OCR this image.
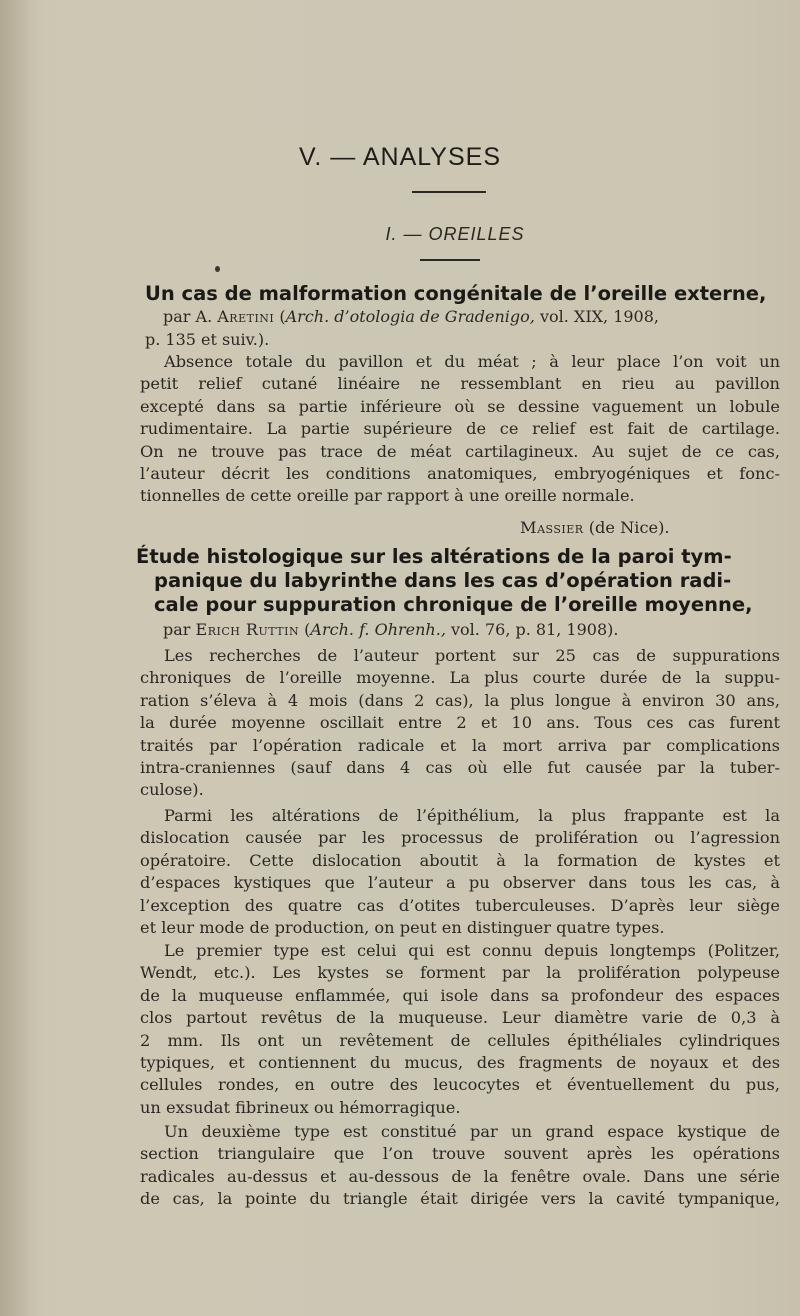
V. — ANALYSES
I. — OREILLES
Un cas de malformation congénitale de l’oreille externe,
par A. Aretini (Arch. d’otologia de Gradenigo, vol. XIX, 1908,
p. 135 et suiv.).
Absence totale du pavillon et du méat ; à leur place l’on voit un
petit relief cutané linéaire ne ressemblant en rieu au pavillon
excepté dans sa partie inférieure où se dessine vaguement un lobule
rudimentaire. La partie supérieure de ce relief est fait de cartilage.
On ne trouve pas trace de méat cartilagineux. Au sujet de ce cas,
l’auteur décrit les conditions anatomiques, embryogéniques et fonc-
tionnelles de cette oreille par rapport à une oreille normale.
Massier (de Nice).
Étude histologique sur les altérations de la paroi tym-
panique du labyrinthe dans les cas d’opération radi-
cale pour suppuration chronique de l’oreille moyenne,
par Erich Ruttin (Arch. f. Ohrenh., vol. 76, p. 81, 1908).
Les recherches de l’auteur portent sur 25 cas de suppurations
chroniques de l’oreille moyenne. La plus courte durée de la suppu-
ration s’éleva à 4 mois (dans 2 cas), la plus longue à environ 30 ans,
la durée moyenne oscillait entre 2 et 10 ans. Tous ces cas furent
traités par l’opération radicale et la mort arriva par complications
intra-craniennes (sauf dans 4 cas où elle fut causée par la tuber-
culose).
Parmi les altérations de l’épithélium, la plus frappante est la
dislocation causée par les processus de prolifération ou l’agression
opératoire. Cette dislocation aboutit à la formation de kystes et
d’espaces kystiques que l’auteur a pu observer dans tous les cas, à
l’exception des quatre cas d’otites tuberculeuses. D’après leur siège
et leur mode de production, on peut en distinguer quatre types.
Le premier type est celui qui est connu depuis longtemps (Politzer,
Wendt, etc.). Les kystes se forment par la prolifération polypeuse
de la muqueuse enflammée, qui isole dans sa profondeur des espaces
clos partout revêtus de la muqueuse. Leur diamètre varie de 0,3 à
2 mm. Ils ont un revêtement de cellules épithéliales cylindriques
typiques, et contiennent du mucus, des fragments de noyaux et des
cellules rondes, en outre des leucocytes et éventuellement du pus,
un exsudat fibrineux ou hémorragique.
Un deuxième type est constitué par un grand espace kystique de
section triangulaire que l’on trouve souvent après les opérations
radicales au-dessus et au-dessous de la fenêtre ovale. Dans une série
de cas, la pointe du triangle était dirigée vers la cavité tympanique,
